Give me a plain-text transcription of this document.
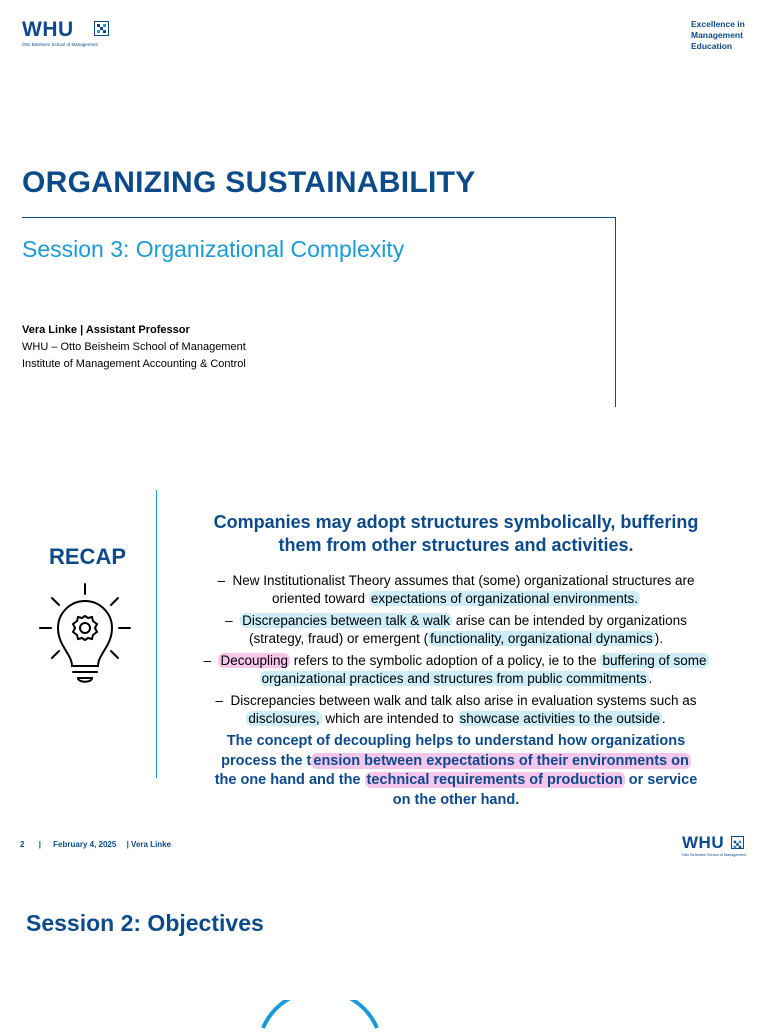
WHU
Otto Beisheim School of Management
Excellence in
Management
Education
ORGANIZING SUSTAINABILITY
Session 3: Organizational Complexity
Vera Linke | Assistant Professor
WHU – Otto Beisheim School of Management
Institute of Management Accounting & Control
RECAP
Companies may adopt structures symbolically, buffering
them from other structures and activities.
– New Institutionalist Theory assumes that (some) organizational structures are
oriented toward expectations of organizational environments.
– Discrepancies between talk & walk arise can be intended by organizations
(strategy, fraud) or emergent ( functionality, organizational dynamics ).
– Decoupling refers to the symbolic adoption of a policy, ie to the buffering of some
organizational practices and structures from public commitments .
– Discrepancies between walk and talk also arise in evaluation systems such as
disclosures, which are intended to showcase activities to the outside .
The concept of decoupling helps to understand how organizations
process the t ension between expectations of their environments on
the one hand and the technical requirements of production or service
on the other hand.
2 | February 4, 2025 | Vera Linke	WHU
Otto Beisheim School of Management
Session 2: Objectives
